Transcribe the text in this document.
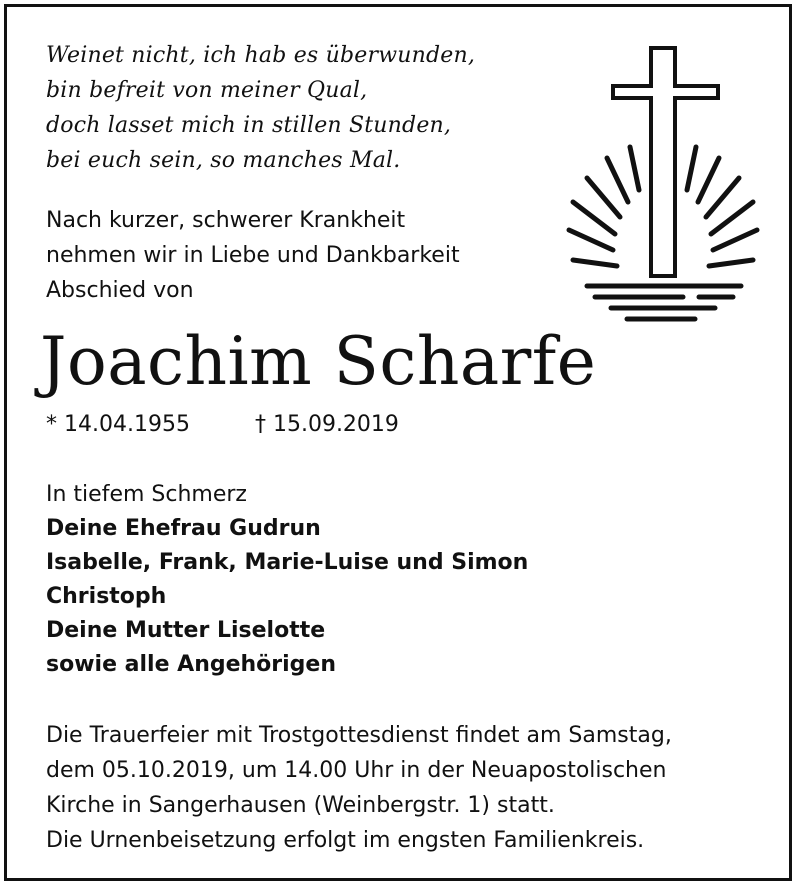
Weinet nicht, ich hab es überwunden,
bin befreit von meiner Qual,
doch lasset mich in stillen Stunden,
bei euch sein, so manches Mal.
Nach kurzer, schwerer Krankheit
nehmen wir in Liebe und Dankbarkeit
Abschied von
Joachim Scharfe
* 14.04.1955	† 15.09.2019
In tiefem Schmerz
Deine Ehefrau Gudrun
Isabelle, Frank, Marie-Luise und Simon
Christoph
Deine Mutter Liselotte
sowie alle Angehörigen
Die Trauerfeier mit Trostgottesdienst findet am Samstag,
dem 05.10.2019, um 14.00 Uhr in der Neuapostolischen
Kirche in Sangerhausen (Weinbergstr. 1) statt.
Die Urnenbeisetzung erfolgt im engsten Familienkreis.
